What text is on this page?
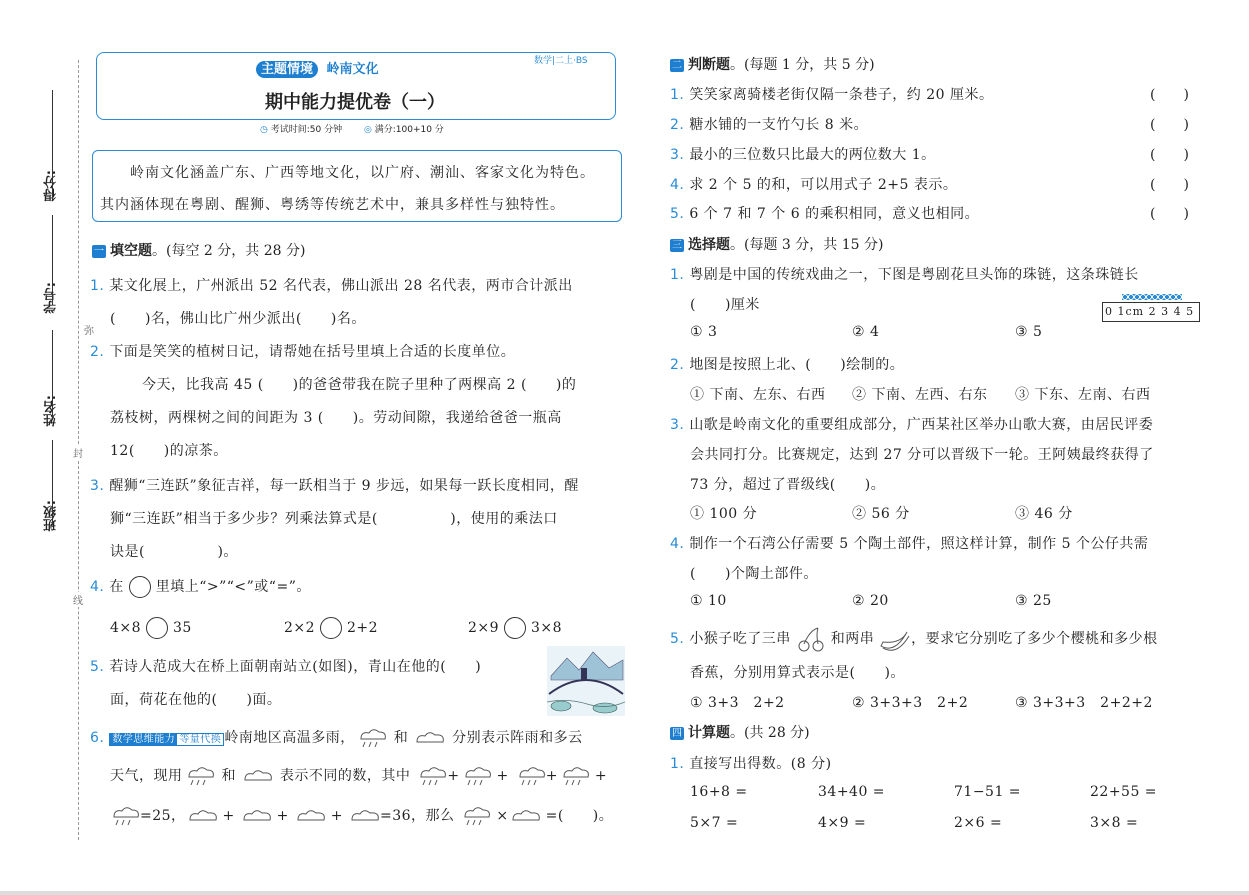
得分:
学号:
姓名:
班级:
弥
封
线
主题情境 岭南文化
数学|二上·BS
期中能力提优卷（一）
◷ 考试时间:50 分钟 ◎ 满分:100+10 分
岭南文化涵盖广东、广西等地文化，以广府、潮汕、客家文化为特色。
其内涵体现在粤剧、醒狮、粤绣等传统艺术中，兼具多样性与独特性。
一 填空题。(每空 2 分，共 28 分)
1. 某文化展上，广州派出 52 名代表，佛山派出 28 名代表，两市合计派出
(　　)名，佛山比广州少派出(　　)名。
2. 下面是笑笑的植树日记，请帮她在括号里填上合适的长度单位。
今天，比我高 45 (　　)的爸爸带我在院子里种了两棵高 2 (　　)的
荔枝树，两棵树之间的间距为 3 (　　)。劳动间隙，我递给爸爸一瓶高
12(　　)的凉茶。
3. 醒狮“三连跃”象征吉祥，每一跃相当于 9 步远，如果每一跃长度相同，醒
狮“三连跃”相当于多少步？列乘法算式是(　　　　　)，使用的乘法口
诀是(　　　　　)。
4. 在 里填上“>”“<”或“=”。
4×8 35	2×2 2+2	2×9 3×8
5. 若诗人范成大在桥上面朝南站立(如图)，青山在他的(　　)
面，荷花在他的(　　)面。
6. 数学思维能力 等量代换 岭南地区高温多雨，	和	分别表示阵雨和多云
天气，现用	和	表示不同的数，其中	+	+	+	+
=25，	+	+	+	=36，那么	×	=(　　)。
二 判断题。(每题 1 分，共 5 分)
1. 笑笑家离骑楼老街仅隔一条巷子，约 20 厘米。	(　　)
2. 糖水铺的一支竹勺长 8 米。	(　　)
3. 最小的三位数只比最大的两位数大 1。	(　　)
4. 求 2 个 5 的和，可以用式子 2+5 表示。	(　　)
5. 6 个 7 和 7 个 6 的乘积相同，意义也相同。	(　　)
三 选择题。(每题 3 分，共 15 分)
1. 粤剧是中国的传统戏曲之一，下图是粤剧花旦头饰的珠链，这条珠链长
(　　)厘米
① 3	② 4	③ 5
0 1cm 2 3 4 5
2. 地图是按照上北、(　　)绘制的。
① 下南、左东、右西 ② 下南、左西、右东 ③ 下东、左南、右西
3. 山歌是岭南文化的重要组成部分，广西某社区举办山歌大赛，由居民评委
会共同打分。比赛规定，达到 27 分可以晋级下一轮。王阿姨最终获得了
73 分，超过了晋级线(　　)。
① 100 分	② 56 分	③ 46 分
4. 制作一个石湾公仔需要 5 个陶土部件，照这样计算，制作 5 个公仔共需
(　　)个陶土部件。
① 10	② 20	③ 25
5. 小猴子吃了三串	和两串	，要求它分别吃了多少个樱桃和多少根
香蕉，分别用算式表示是(　　)。
① 3+3　2+2	② 3+3+3　2+2	③ 3+3+3　2+2+2
四 计算题。(共 28 分)
1. 直接写出得数。(8 分)
16+8 =	34+40 =	71−51 =	22+55 =
5×7 =	4×9 =	2×6 =	3×8 =
